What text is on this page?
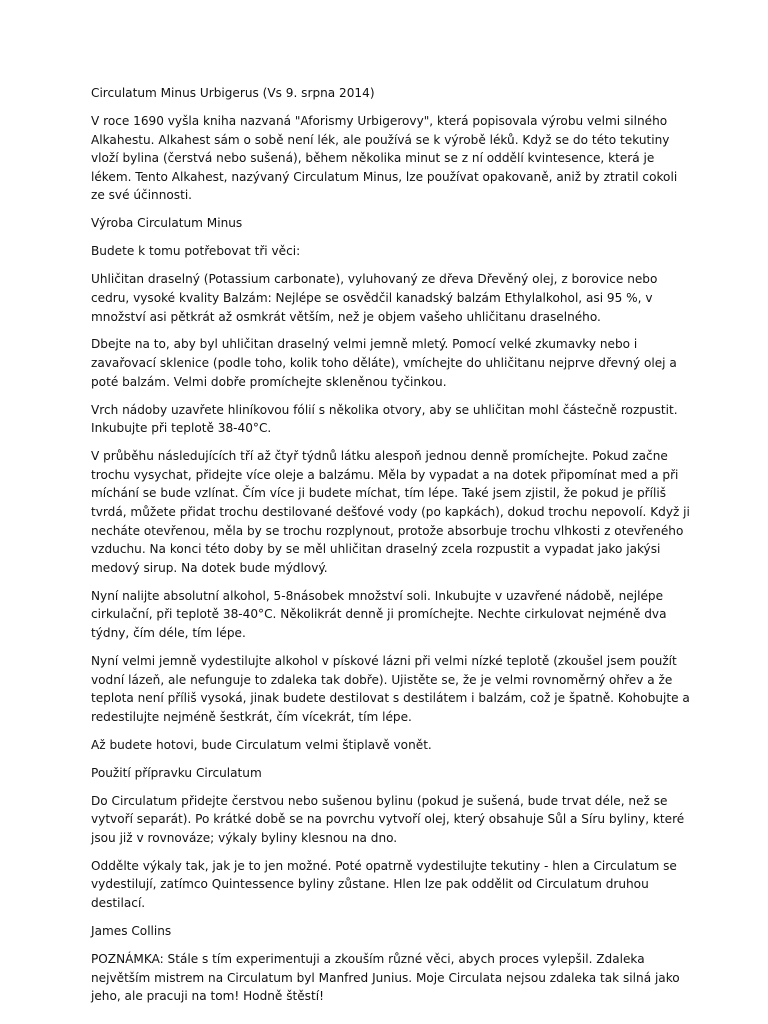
Circulatum Minus Urbigerus (Vs 9. srpna 2014)

V roce 1690 vyšla kniha nazvaná "Aforismy Urbigerovy", která popisovala výrobu velmi silného Alkahestu. Alkahest sám o sobě není lék, ale používá se k výrobě léků. Když se do této tekutiny vloží bylina (čerstvá nebo sušená), během několika minut se z ní oddělí kvintesence, která je lékem. Tento Alkahest, nazývaný Circulatum Minus, lze používat opakovaně, aniž by ztratil cokoli ze své účinnosti.

Výroba Circulatum Minus

Budete k tomu potřebovat tři věci:

Uhličitan draselný (Potassium carbonate), vyluhovaný ze dřeva Dřevěný olej, z borovice nebo cedru, vysoké kvality Balzám: Nejlépe se osvědčil kanadský balzám Ethylalkohol, asi 95 %, v množství asi pětkrát až osmkrát větším, než je objem vašeho uhličitanu draselného.

Dbejte na to, aby byl uhličitan draselný velmi jemně mletý. Pomocí velké zkumavky nebo i zavařovací sklenice (podle toho, kolik toho děláte), vmíchejte do uhličitanu nejprve dřevný olej a poté balzám. Velmi dobře promíchejte skleněnou tyčinkou.

Vrch nádoby uzavřete hliníkovou fólií s několika otvory, aby se uhličitan mohl částečně rozpustit. Inkubujte při teplotě 38-40°C.

V průběhu následujících tří až čtyř týdnů látku alespoň jednou denně promíchejte. Pokud začne trochu vysychat, přidejte více oleje a balzámu. Měla by vypadat a na dotek připomínat med a při míchání se bude vzlínat. Čím více ji budete míchat, tím lépe. Také jsem zjistil, že pokud je příliš tvrdá, můžete přidat trochu destilované dešťové vody (po kapkách), dokud trochu nepovolí. Když ji necháte otevřenou, měla by se trochu rozplynout, protože absorbuje trochu vlhkosti z otevřeného vzduchu. Na konci této doby by se měl uhličitan draselný zcela rozpustit a vypadat jako jakýsi medový sirup. Na dotek bude mýdlový.

Nyní nalijte absolutní alkohol, 5-8násobek množství soli. Inkubujte v uzavřené nádobě, nejlépe cirkulační, při teplotě 38-40°C. Několikrát denně ji promíchejte. Nechte cirkulovat nejméně dva týdny, čím déle, tím lépe.

Nyní velmi jemně vydestilujte alkohol v pískové lázni při velmi nízké teplotě (zkoušel jsem použít vodní lázeň, ale nefunguje to zdaleka tak dobře). Ujistěte se, že je velmi rovnoměrný ohřev a že teplota není příliš vysoká, jinak budete destilovat s destilátem i balzám, což je špatně. Kohobujte a redestilujte nejméně šestkrát, čím vícekrát, tím lépe.

Až budete hotovi, bude Circulatum velmi štiplavě vonět.

Použití přípravku Circulatum

Do Circulatum přidejte čerstvou nebo sušenou bylinu (pokud je sušená, bude trvat déle, než se vytvoří separát). Po krátké době se na povrchu vytvoří olej, který obsahuje Sůl a Síru byliny, které jsou již v rovnováze; výkaly byliny klesnou na dno.

Oddělte výkaly tak, jak je to jen možné. Poté opatrně vydestilujte tekutiny - hlen a Circulatum se vydestilují, zatímco Quintessence byliny zůstane. Hlen lze pak oddělit od Circulatum druhou destilací.

James Collins

POZNÁMKA: Stále s tím experimentuji a zkouším různé věci, abych proces vylepšil. Zdaleka největším mistrem na Circulatum byl Manfred Junius. Moje Circulata nejsou zdaleka tak silná jako jeho, ale pracuji na tom! Hodně štěstí!
